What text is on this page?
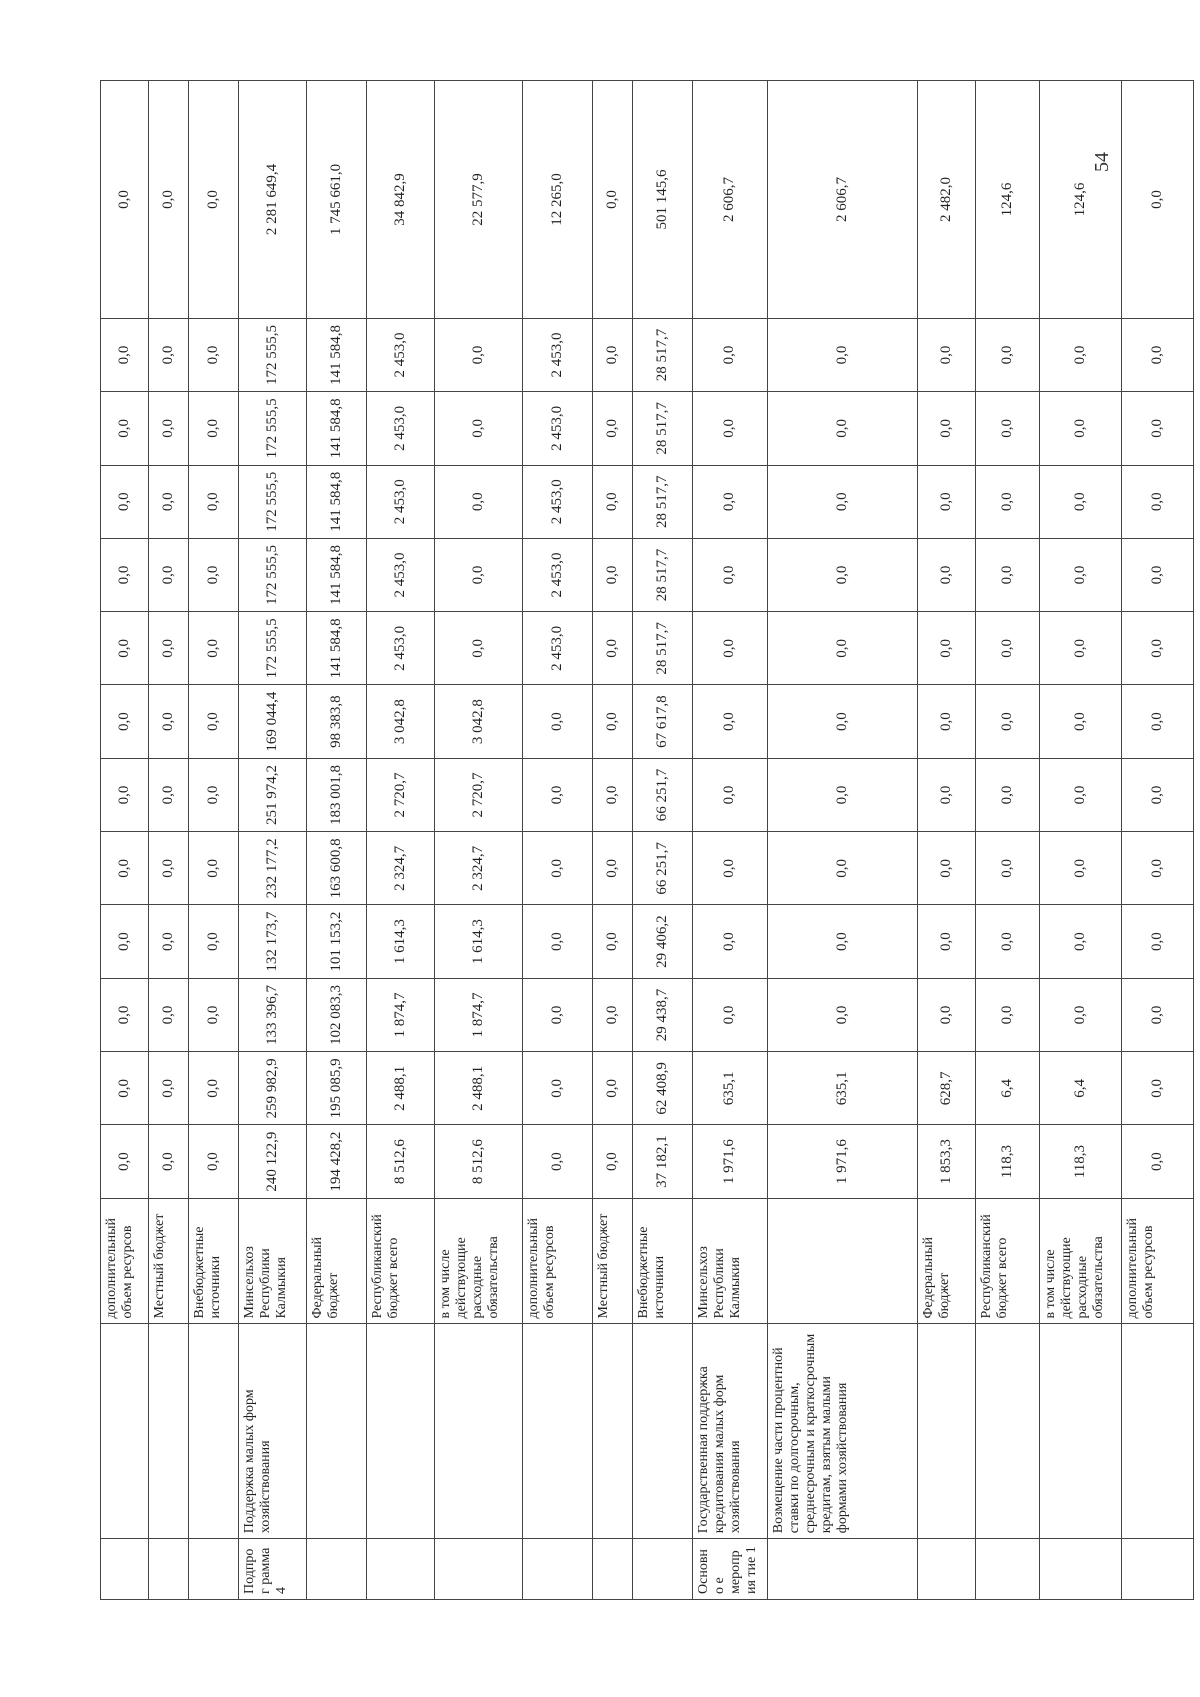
		дополнительный объем ресурсов	0,0	0,0	0,0	0,0	0,0	0,0	0,0	0,0	0,0	0,0	0,0	0,0	0,0
		Местный бюджет	0,0	0,0	0,0	0,0	0,0	0,0	0,0	0,0	0,0	0,0	0,0	0,0	0,0
		Внебюджетные источники	0,0	0,0	0,0	0,0	0,0	0,0	0,0	0,0	0,0	0,0	0,0	0,0	0,0
Подпрог рамма 4	Поддержка малых форм хозяйствования	Минсельхоз Республики Калмыкия	240 122,9	259 982,9	133 396,7	132 173,7	232 177,2	251 974,2	169 044,4	172 555,5	172 555,5	172 555,5	172 555,5	172 555,5	2 281 649,4
		Федеральный бюджет	194 428,2	195 085,9	102 083,3	101 153,2	163 600,8	183 001,8	98 383,8	141 584,8	141 584,8	141 584,8	141 584,8	141 584,8	1 745 661,0
		Республиканский бюджет всего	8 512,6	2 488,1	1 874,7	1 614,3	2 324,7	2 720,7	3 042,8	2 453,0	2 453,0	2 453,0	2 453,0	2 453,0	34 842,9
		в том числе действующие расходные обязательства	8 512,6	2 488,1	1 874,7	1 614,3	2 324,7	2 720,7	3 042,8	0,0	0,0	0,0	0,0	0,0	22 577,9
		дополнительный объем ресурсов	0,0	0,0	0,0	0,0	0,0	0,0	0,0	2 453,0	2 453,0	2 453,0	2 453,0	2 453,0	12 265,0
		Местный бюджет	0,0	0,0	0,0	0,0	0,0	0,0	0,0	0,0	0,0	0,0	0,0	0,0	0,0
		Внебюджетные источники	37 182,1	62 408,9	29 438,7	29 406,2	66 251,7	66 251,7	67 617,8	28 517,7	28 517,7	28 517,7	28 517,7	28 517,7	501 145,6
Основно е мероприя тие 1	Государственная поддержка кредитования малых форм хозяйствования	Минсельхоз Республики Калмыкия	1 971,6	635,1	0,0	0,0	0,0	0,0	0,0	0,0	0,0	0,0	0,0	0,0	2 606,7
	Возмещение части процентной ставки по долгосрочным, среднесрочным и краткосрочным кредитам, взятым малыми формами хозяйствования		1 971,6	635,1	0,0	0,0	0,0	0,0	0,0	0,0	0,0	0,0	0,0	0,0	2 606,7
		Федеральный бюджет	1 853,3	628,7	0,0	0,0	0,0	0,0	0,0	0,0	0,0	0,0	0,0	0,0	2 482,0
		Республиканский бюджет всего	118,3	6,4	0,0	0,0	0,0	0,0	0,0	0,0	0,0	0,0	0,0	0,0	124,6
		в том числе действующие расходные обязательства	118,3	6,4	0,0	0,0	0,0	0,0	0,0	0,0	0,0	0,0	0,0	0,0	124,6
		дополнительный объем ресурсов	0,0	0,0	0,0	0,0	0,0	0,0	0,0	0,0	0,0	0,0	0,0	0,0	0,0
54
